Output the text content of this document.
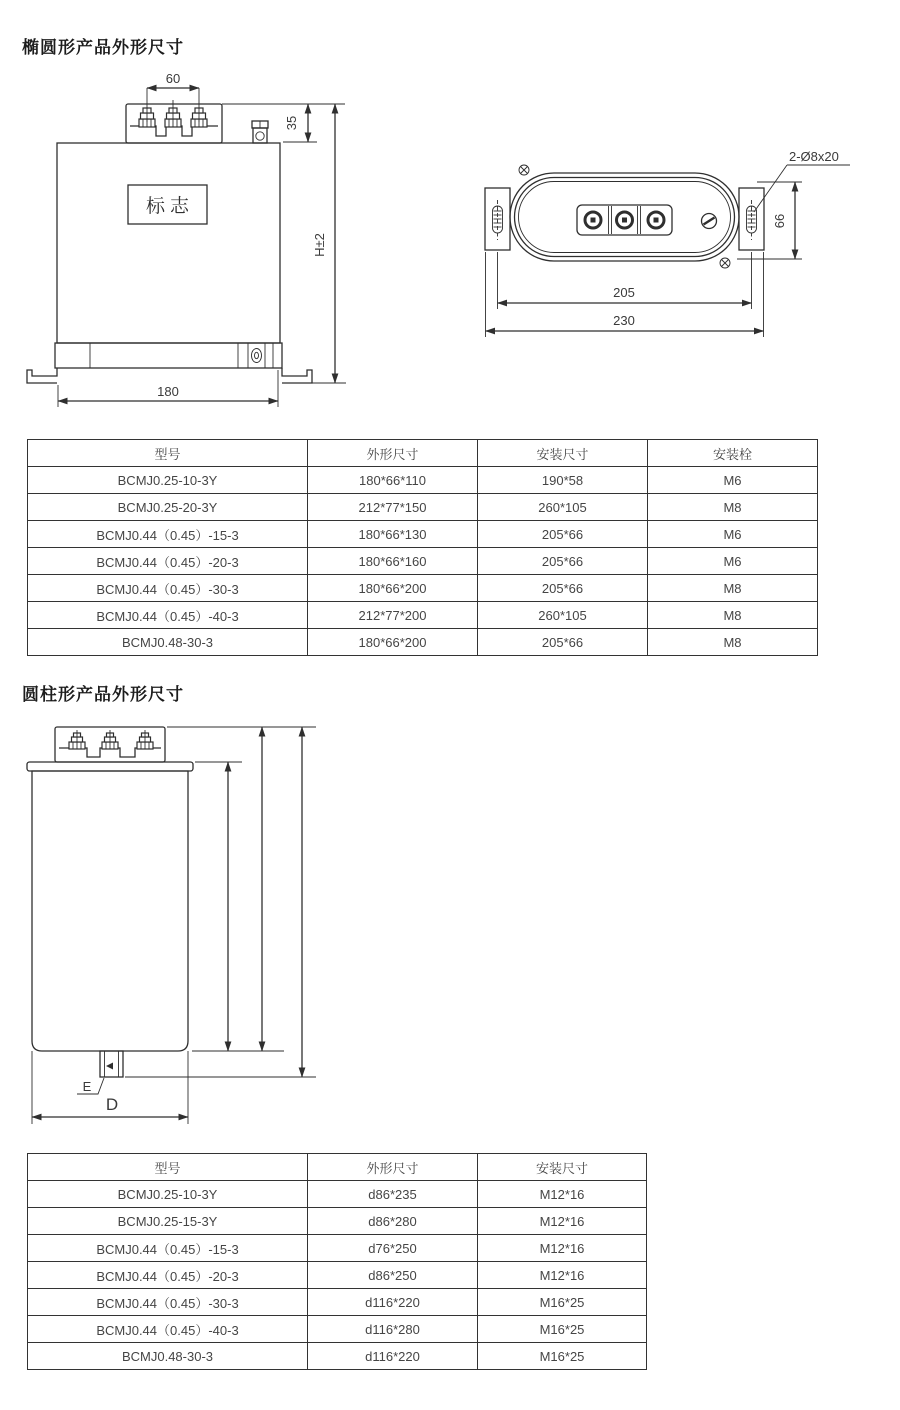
椭圆形产品外形尺寸
圆柱形产品外形尺寸
标志
60
35
180
H±2
2-Ø8x20
66
205
230
E
D
型号	外形尺寸	安装尺寸	安装栓
BCMJ0.25-10-3Y	180*66*110	190*58	M6
BCMJ0.25-20-3Y	212*77*150	260*105	M8
BCMJ0.44（0.45）-15-3	180*66*130	205*66	M6
BCMJ0.44（0.45）-20-3	180*66*160	205*66	M6
BCMJ0.44（0.45）-30-3	180*66*200	205*66	M8
BCMJ0.44（0.45）-40-3	212*77*200	260*105	M8
BCMJ0.48-30-3	180*66*200	205*66	M8
型号	外形尺寸	安装尺寸
BCMJ0.25-10-3Y	d86*235	M12*16
BCMJ0.25-15-3Y	d86*280	M12*16
BCMJ0.44（0.45）-15-3	d76*250	M12*16
BCMJ0.44（0.45）-20-3	d86*250	M12*16
BCMJ0.44（0.45）-30-3	d116*220	M16*25
BCMJ0.44（0.45）-40-3	d116*280	M16*25
BCMJ0.48-30-3	d116*220	M16*25
